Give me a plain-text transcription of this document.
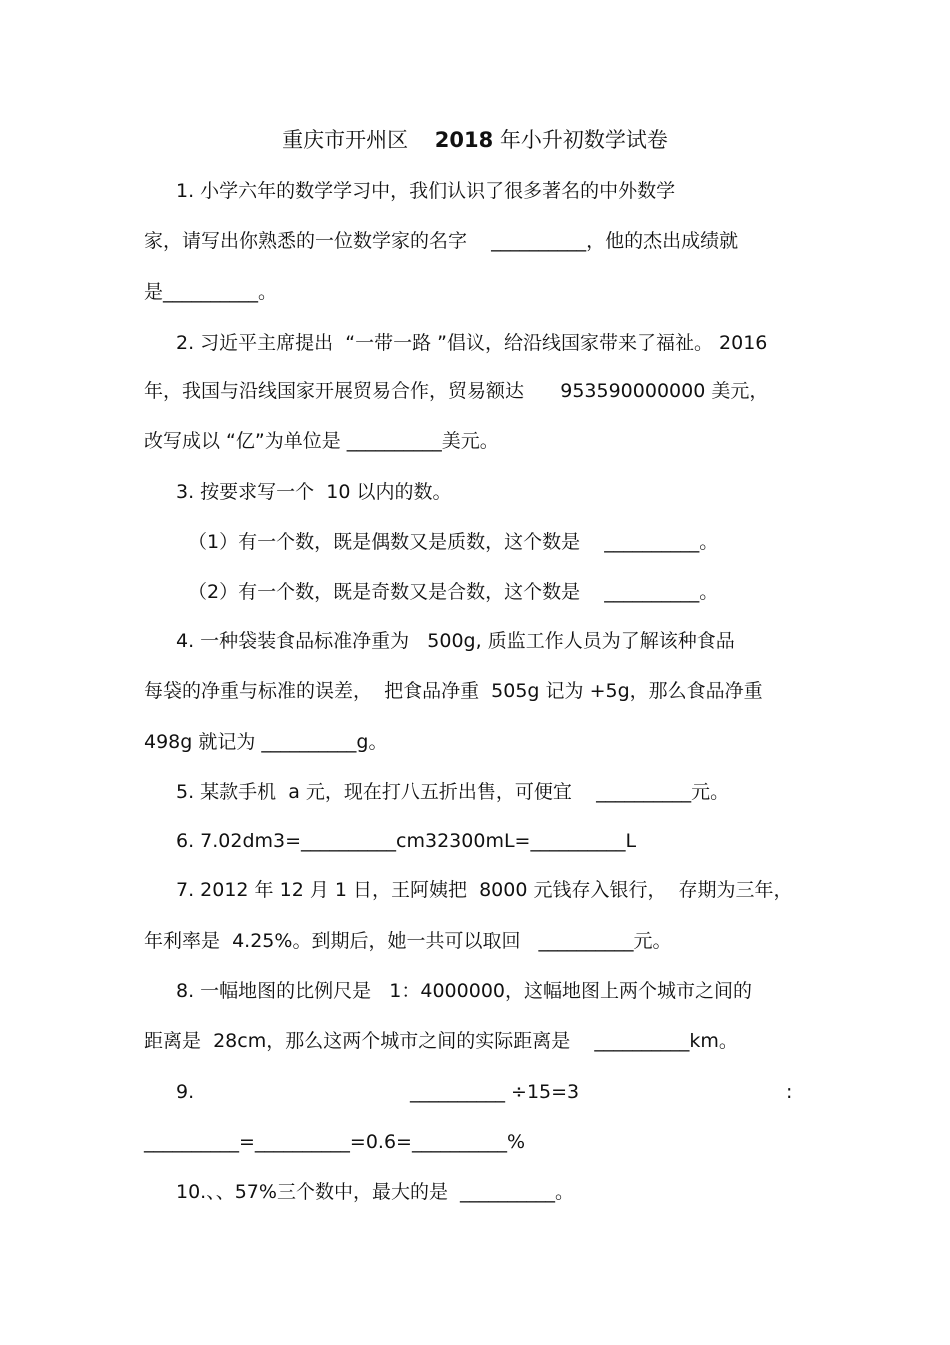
重庆市开州区    2018 年小升初数学试卷
1. 小学六年的数学学习中，我们认识了很多著名的中外数学
家，请写出你熟悉的一位数学家的名字    __________，他的杰出成绩就
是__________。
2. 习近平主席提出  “一带一路 ”倡议，给沿线国家带来了福祉。 2016
年，我国与沿线国家开展贸易合作，贸易额达      953590000000 美元，
改写成以 “亿”为单位是 __________美元。
3. 按要求写一个  10 以内的数。
（1）有一个数，既是偶数又是质数，这个数是    __________。
（2）有一个数，既是奇数又是合数，这个数是    __________。
4. 一种袋装食品标准净重为   500g, 质监工作人员为了解该种食品
每袋的净重与标准的误差，  把食品净重  505g 记为 +5g，那么食品净重
498g 就记为 __________g。
5. 某款手机  a 元，现在打八五折出售，可便宜    __________元。
6. 7.02dm3=__________cm32300mL=__________L
7. 2012 年 12 月 1 日，王阿姨把  8000 元钱存入银行，  存期为三年，
年利率是  4.25%。到期后，她一共可以取回   __________元。
8. 一幅地图的比例尺是   1：4000000，这幅地图上两个城市之间的
距离是  28cm，那么这两个城市之间的实际距离是    __________km。
9.	__________ ÷15=3	:
__________=__________=0.6=__________%
10.、、57%三个数中，最大的是  __________。
